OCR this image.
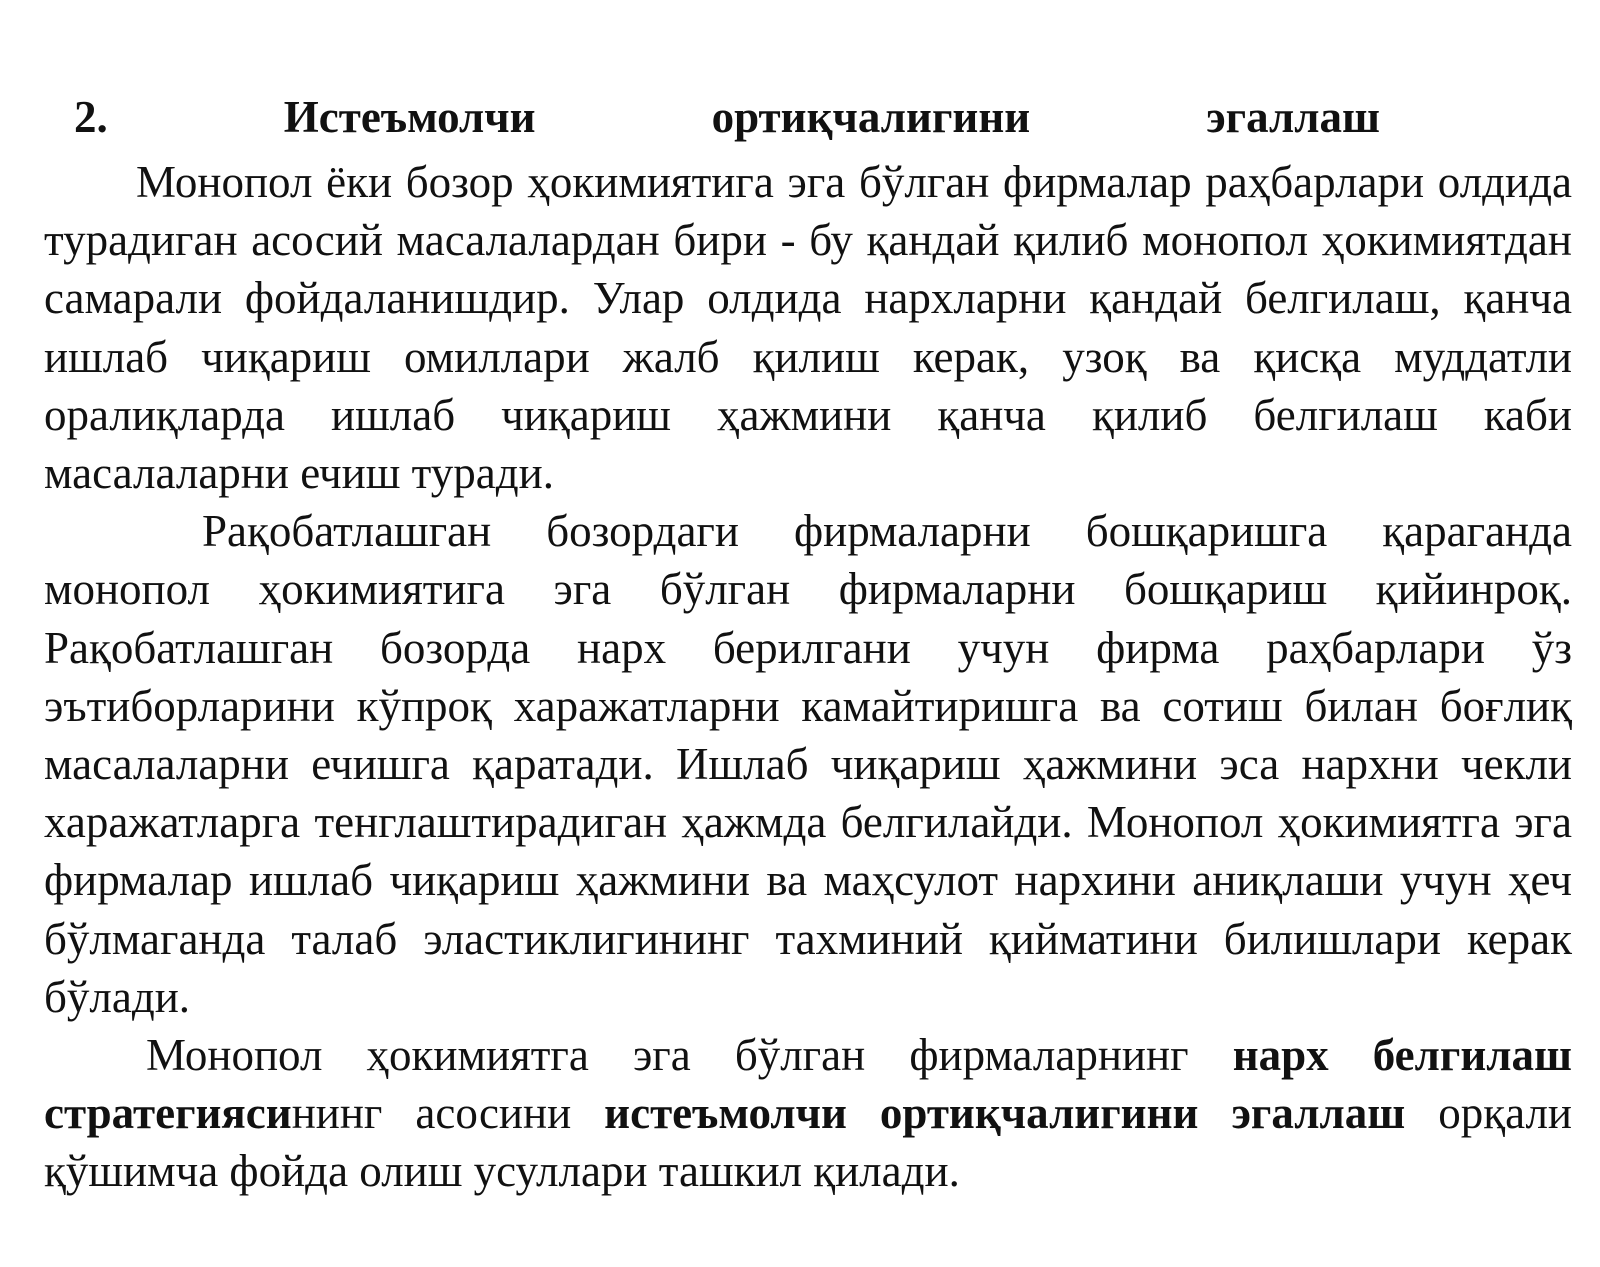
2.	Истеъмолчи	ортиқчалигини	эгаллаш

Монопол ёки бозор ҳокимиятига эга бўлган фирмалар раҳбарлари олдида турадиган асосий масалалардан бири - бу қандай қилиб монопол ҳокимиятдан самарали фойдаланишдир. Улар олдида нархларни қандай белгилаш, қанча ишлаб чиқариш омиллари жалб қилиш керак, узоқ ва қисқа муддатли оралиқларда ишлаб чиқариш ҳажмини қанча қилиб белгилаш каби масалаларни ечиш туради.

Рақобатлашган бозордаги фирмаларни бошқаришга қараганда монопол ҳокимиятига эга бўлган фирмаларни бошқариш қийинроқ. Рақобатлашган бозорда нарх берилгани учун фирма раҳбарлари ўз эътиборларини кўпроқ харажатларни камайтиришга ва сотиш билан боғлиқ масалаларни ечишга қаратади. Ишлаб чиқариш ҳажмини эса нархни чекли харажатларга тенглаштирадиган ҳажмда белгилайди. Монопол ҳокимиятга эга фирмалар ишлаб чиқариш ҳажмини ва маҳсулот нархини аниқлаши учун ҳеч бўлмаганда талаб эластиклигининг тахминий қийматини билишлари керак бўлади.

Монопол ҳокимиятга эга бўлган фирмаларнинг нарх белгилаш стратегиясининг асосини истеъмолчи ортиқчалигини эгаллаш орқали қўшимча фойда олиш усуллари ташкил қилади.
